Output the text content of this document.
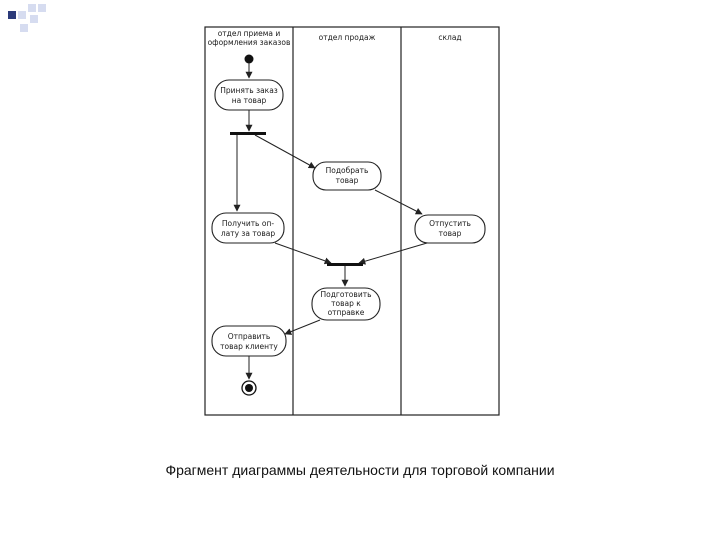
отдел приема и
оформления заказов
отдел продаж	склад
Принять заказ
на товар
Подобрать
товар
Получить оп-
лату за товар
Отпустить
товар
Подготовить
товар к
отправке
Отправить
товар клиенту
Фрагмент диаграммы деятельности для торговой компании
